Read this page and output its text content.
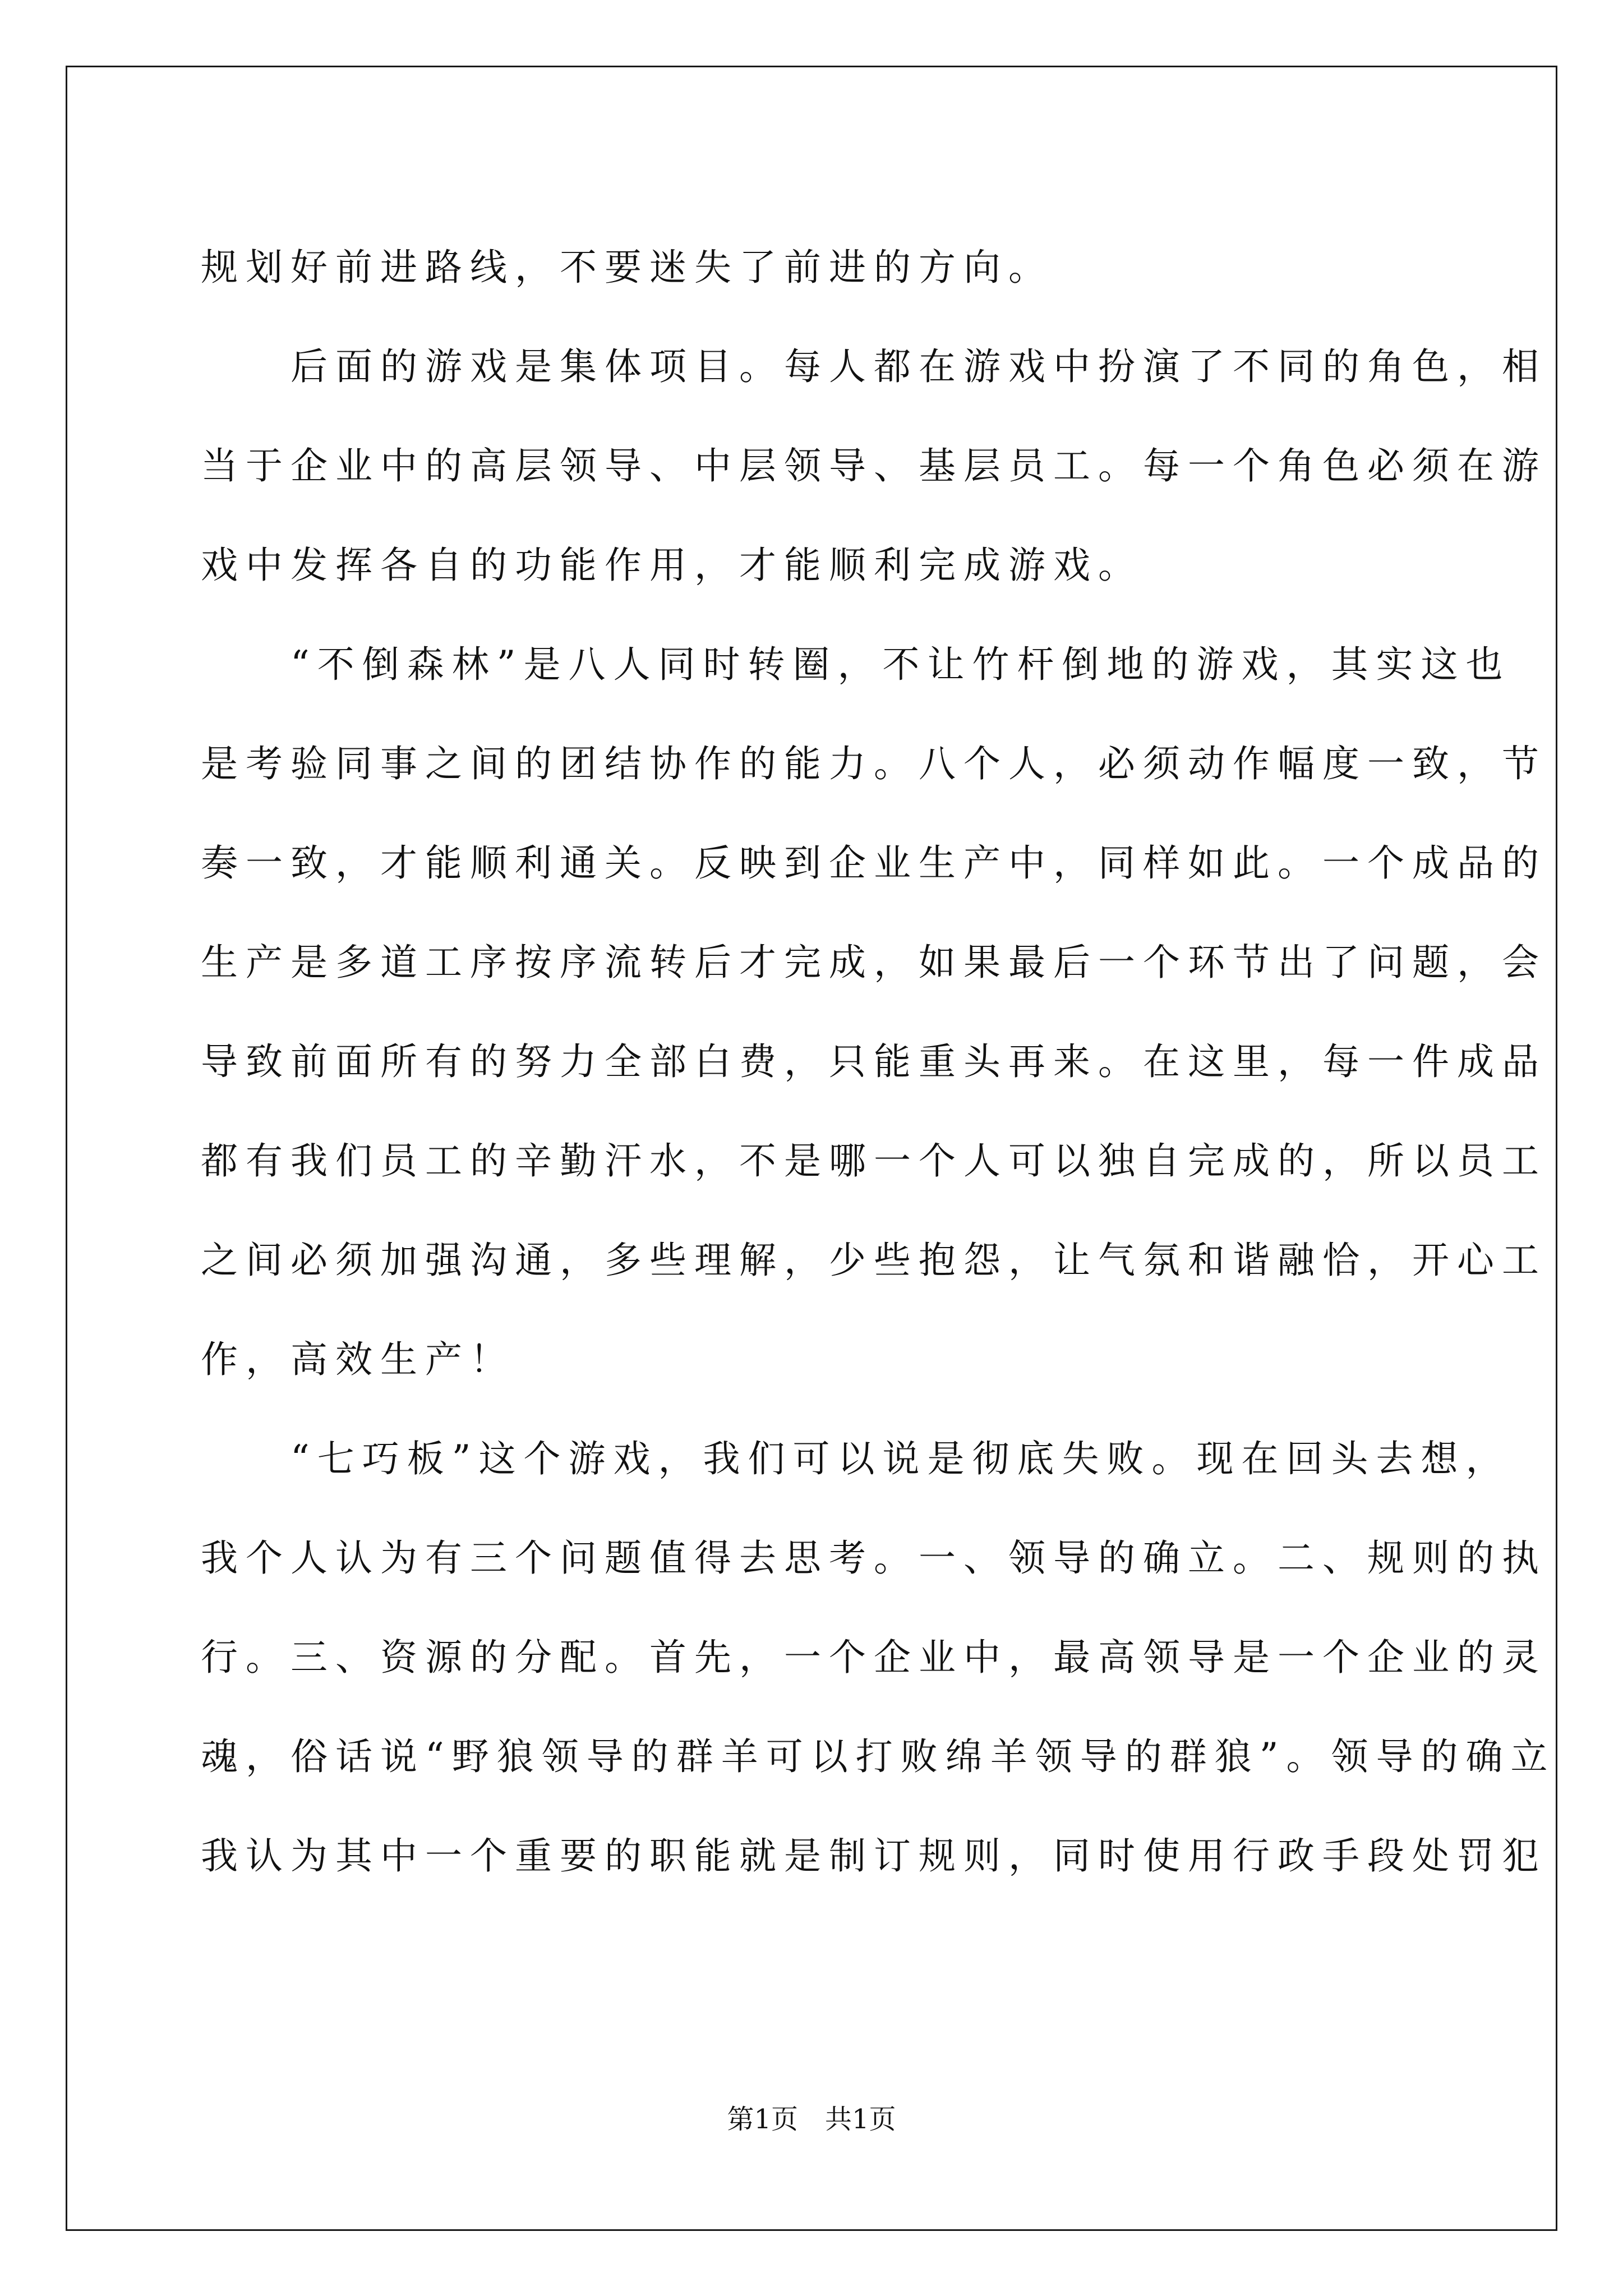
规划好前进路线，不要迷失了前进的方向。
　　后面的游戏是集体项目。每人都在游戏中扮演了不同的角色，相
当于企业中的高层领导、中层领导、基层员工。每一个角色必须在游
戏中发挥各自的功能作用，才能顺利完成游戏。
　　“不倒森林”是八人同时转圈，不让竹杆倒地的游戏，其实这也
是考验同事之间的团结协作的能力。八个人，必须动作幅度一致，节
奏一致，才能顺利通关。反映到企业生产中，同样如此。一个成品的
生产是多道工序按序流转后才完成，如果最后一个环节出了问题，会
导致前面所有的努力全部白费，只能重头再来。在这里，每一件成品
都有我们员工的辛勤汗水，不是哪一个人可以独自完成的，所以员工
之间必须加强沟通，多些理解，少些抱怨，让气氛和谐融恰，开心工
作，高效生产！
　　“七巧板”这个游戏，我们可以说是彻底失败。现在回头去想，
我个人认为有三个问题值得去思考。一、领导的确立。二、规则的执
行。三、资源的分配。首先，一个企业中，最高领导是一个企业的灵
魂，俗话说“野狼领导的群羊可以打败绵羊领导的群狼”。领导的确立
我认为其中一个重要的职能就是制订规则，同时使用行政手段处罚犯
第1页　共1页
